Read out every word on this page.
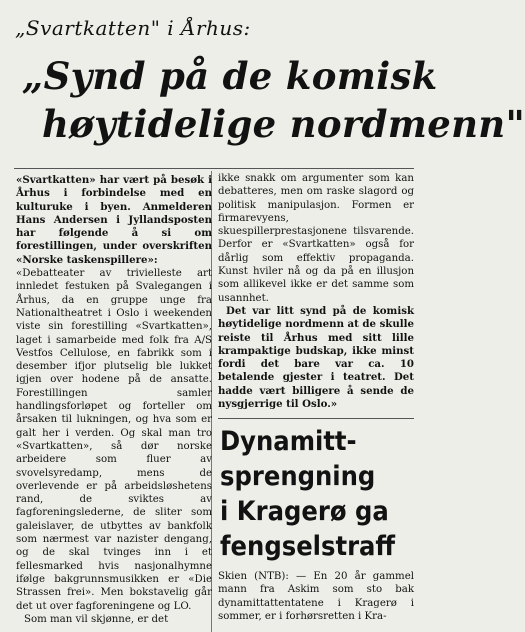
„Svartkatten" i Århus:
„Synd på de komisk
høytidelige nordmenn"

«Svartkatten» har vært på besøk i Århus i forbindelse med en kulturuke i byen. Anmelderen Hans Andersen i Jyllandsposten har følgende å si om forestillingen, under overskriften «Norske taskenspillere»:

«Debatteater av trivielleste art innledet festuken på Svalegangen i Århus, da en gruppe unge fra Nationaltheatret i Oslo i weekenden viste sin forestilling «Svartkatten», laget i samarbeide med folk fra A/S Vestfos Cellulose, en fabrikk som i desember ifjor plutselig ble lukket igjen over hodene på de ansatte. Forestillingen samler handlingsforløpet og forteller om årsaken til lukningen, og hva som er galt her i verden. Og skal man tro «Svartkatten», så dør norske arbeidere som fluer av svovelsyredamp, mens de overlevende er på arbeidsløshetens rand, de sviktes av fagforeningslederne, de sliter som galeislaver, de utbyttes av bankfolk som nærmest var nazister dengang, og de skal tvinges inn i et fellesmarked hvis nasjonalhymne ifølge bakgrunnsmusikken er «Die Strassen frei». Men bokstavelig går det ut over fagforeningene og LO.

Som man vil skjønne, er det

ikke snakk om argumenter som kan debatteres, men om raske slagord og politisk manipulasjon. Formen er firmarevyens, skuespillerprestasjonene tilsvarende. Derfor er «Svartkatten» også for dårlig som effektiv propaganda. Kunst hviler nå og da på en illusjon som allikevel ikke er det samme som usannhet.

Det var litt synd på de komisk høytidelige nordmenn at de skulle reiste til Århus med sitt lille krampaktige budskap, ikke minst fordi det bare var ca. 10 betalende gjester i teatret. Det hadde vært billigere å sende de nysgjerrige til Oslo.»

Dynamitt-
sprengning
i Kragerø ga
fengselstraff
Skien (NTB): — En 20 år gammel mann fra Askim som sto bak dynamittattentatene i Kragerø i sommer, er i forhørsretten i Kra-
